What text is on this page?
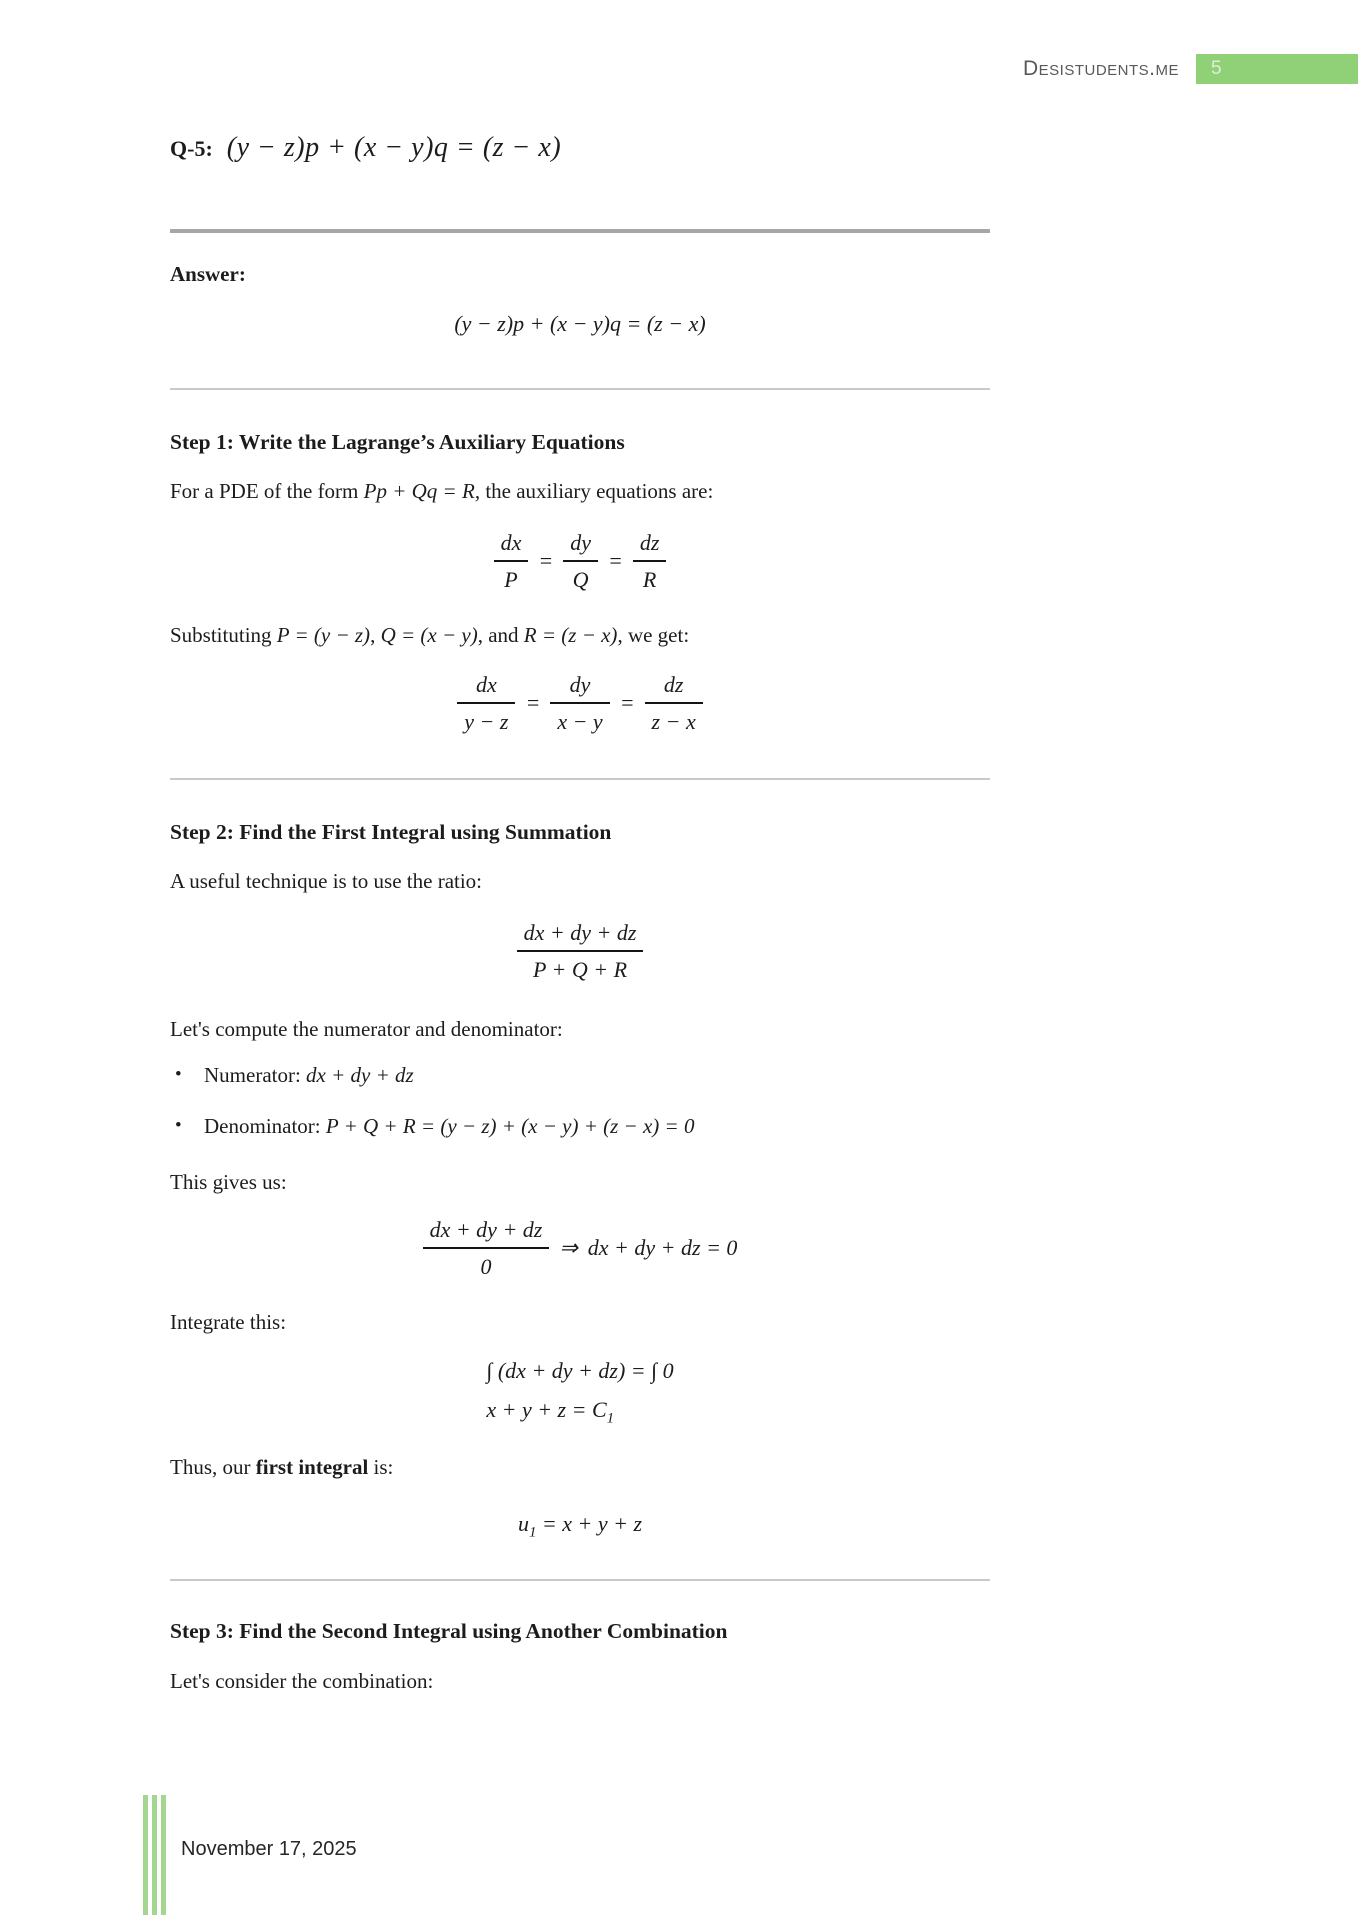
Desistudents.me 5
Q-5: (y − z)p + (x − y)q = (z − x)
Answer:
(y − z)p + (x − y)q = (z − x)
Step 1: Write the Lagrange’s Auxiliary Equations
For a PDE of the form Pp + Qq = R, the auxiliary equations are:
$\frac{dx}{P} = \frac{dy}{Q} = \frac{dz}{R}$
Substituting P = (y − z), Q = (x − y), and R = (z − x), we get:
$\frac{dx}{y - z} = \frac{dy}{x - y} = \frac{dz}{z - x}$
Step 2: Find the First Integral using Summation
A useful technique is to use the ratio:
$\frac{dx + dy + dz}{P + Q + R}$
Let's compute the numerator and denominator:
•	Numerator: dx + dy + dz
•	Denominator: P + Q + R = (y − z) + (x − y) + (z − x) = 0
This gives us:
$\frac{dx + dy + dz}{0}$ ⇒ dx + dy + dz = 0
Integrate this:
∫ (dx + dy + dz) = ∫ 0
$x + y + z = C_1$
Thus, our first integral is:
$u_1 = x + y + z$
Step 3: Find the Second Integral using Another Combination
Let's consider the combination:
November 17, 2025
